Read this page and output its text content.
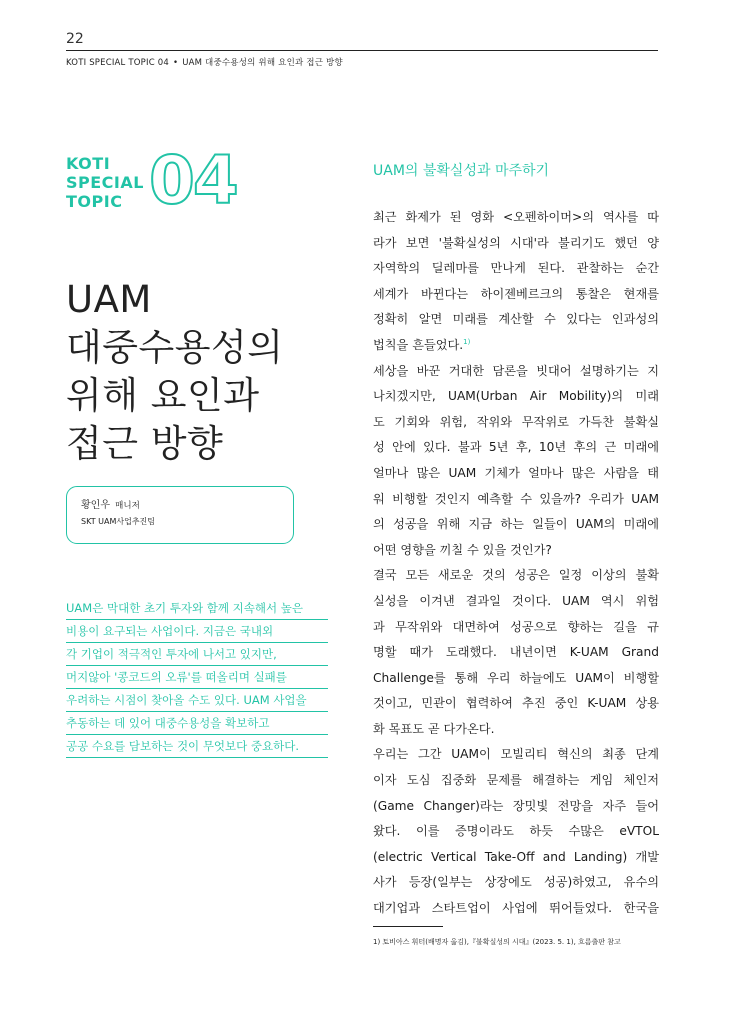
22
KOTI SPECIAL TOPIC 04 • UAM 대중수용성의 위해 요인과 접근 방향
KOTI
SPECIAL
TOPIC 04
UAM
대중수용성의
위해 요인과
접근 방향
황인우 매니저
SKT UAM사업추진팀
UAM은 막대한 초기 투자와 함께 지속해서 높은
비용이 요구되는 사업이다. 지금은 국내외
각 기업이 적극적인 투자에 나서고 있지만,
머지않아 '콩코드의 오류'를 떠올리며 실패를
우려하는 시점이 찾아올 수도 있다. UAM 사업을
추동하는 데 있어 대중수용성을 확보하고
공공 수요를 담보하는 것이 무엇보다 중요하다.
UAM의 불확실성과 마주하기
최근 화제가 된 영화 <오펜하이머>의 역사를 따
라가 보면 '불확실성의 시대'라 불리기도 했던 양
자역학의 딜레마를 만나게 된다. 관찰하는 순간
세계가 바뀐다는 하이젠베르크의 통찰은 현재를
정확히 알면 미래를 계산할 수 있다는 인과성의
법칙을 흔들었다.$^{1)}$
세상을 바꾼 거대한 담론을 빗대어 설명하기는 지
나치겠지만, UAM(Urban Air Mobility)의 미래
도 기회와 위험, 작위와 무작위로 가득찬 불확실
성 안에 있다. 불과 5년 후, 10년 후의 근 미래에
얼마나 많은 UAM 기체가 얼마나 많은 사람을 태
워 비행할 것인지 예측할 수 있을까? 우리가 UAM
의 성공을 위해 지금 하는 일들이 UAM의 미래에
어떤 영향을 끼칠 수 있을 것인가?
결국 모든 새로운 것의 성공은 일정 이상의 불확
실성을 이겨낸 결과일 것이다. UAM 역시 위험
과 무작위와 대면하여 성공으로 향하는 길을 규
명할 때가 도래했다. 내년이면 K-UAM Grand
Challenge를 통해 우리 하늘에도 UAM이 비행할
것이고, 민관이 협력하여 추진 중인 K-UAM 상용
화 목표도 곧 다가온다.
우리는 그간 UAM이 모빌리티 혁신의 최종 단계
이자 도심 집중화 문제를 해결하는 게임 체인저
(Game Changer)라는 장밋빛 전망을 자주 들어
왔다. 이를 증명이라도 하듯 수많은 eVTOL
(electric Vertical Take-Off and Landing) 개발
사가 등장(일부는 상장에도 성공)하였고, 유수의
대기업과 스타트업이 사업에 뛰어들었다. 한국을
1) 토비아스 휘터(배명자 옮김),『불확실성의 시대』(2023. 5. 1), 흐름출판 참고
